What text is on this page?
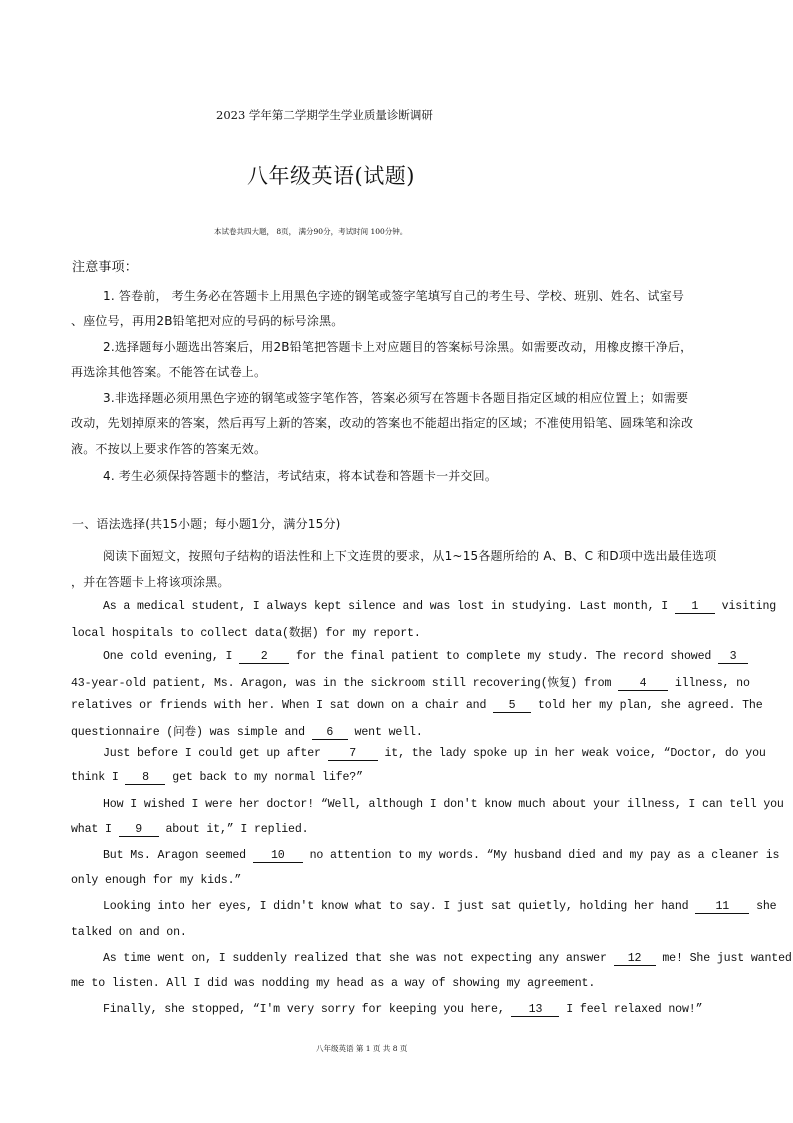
2023 学年第二学期学生学业质量诊断调研
八年级英语(试题)
本试卷共四大题， 8页， 满分90分，考试时间 100分钟。
注意事项：
1. 答卷前， 考生务必在答题卡上用黑色字迹的钢笔或签字笔填写自己的考生号、学校、班别、姓名、试室号
、座位号，再用2B铅笔把对应的号码的标号涂黑。
2.选择题每小题选出答案后，用2B铅笔把答题卡上对应题目的答案标号涂黑。如需要改动，用橡皮擦干净后，
再选涂其他答案。不能答在试卷上。
3.非选择题必须用黑色字迹的钢笔或签字笔作答，答案必须写在答题卡各题目指定区域的相应位置上；如需要
改动，先划掉原来的答案，然后再写上新的答案，改动的答案也不能超出指定的区域；不准使用铅笔、圆珠笔和涂改
液。不按以上要求作答的答案无效。
4. 考生必须保持答题卡的整洁，考试结束，将本试卷和答题卡一并交回。
一、语法选择(共15小题；每小题1分，满分15分)
阅读下面短文，按照句子结构的语法性和上下文连贯的要求，从1~15各题所给的 A、B、C 和D项中选出最佳选项
，并在答题卡上将该项涂黑。
As a medical student, I always kept silence and was lost in studying. Last month, I 1 visiting
local hospitals to collect data(数据) for my report.
One cold evening, I 2 for the final patient to complete my study. The record showed 3
43-year-old patient, Ms. Aragon, was in the sickroom still recovering(恢复) from 4 illness, no
relatives or friends with her. When I sat down on a chair and 5 told her my plan, she agreed. The
questionnaire (问卷) was simple and 6 went well.
Just before I could get up after 7 it, the lady spoke up in her weak voice, “Doctor, do you
think I 8 get back to my normal life?”
How I wished I were her doctor! “Well, although I don't know much about your illness, I can tell you
what I 9 about it,” I replied.
But Ms. Aragon seemed 10 no attention to my words. “My husband died and my pay as a cleaner is
only enough for my kids.”
Looking into her eyes, I didn't know what to say. I just sat quietly, holding her hand 11 she
talked on and on.
As time went on, I suddenly realized that she was not expecting any answer 12 me! She just wanted
me to listen. All I did was nodding my head as a way of showing my agreement.
Finally, she stopped, “I'm very sorry for keeping you here, 13 I feel relaxed now!”
八年级英语 第 1 页 共 8 页
